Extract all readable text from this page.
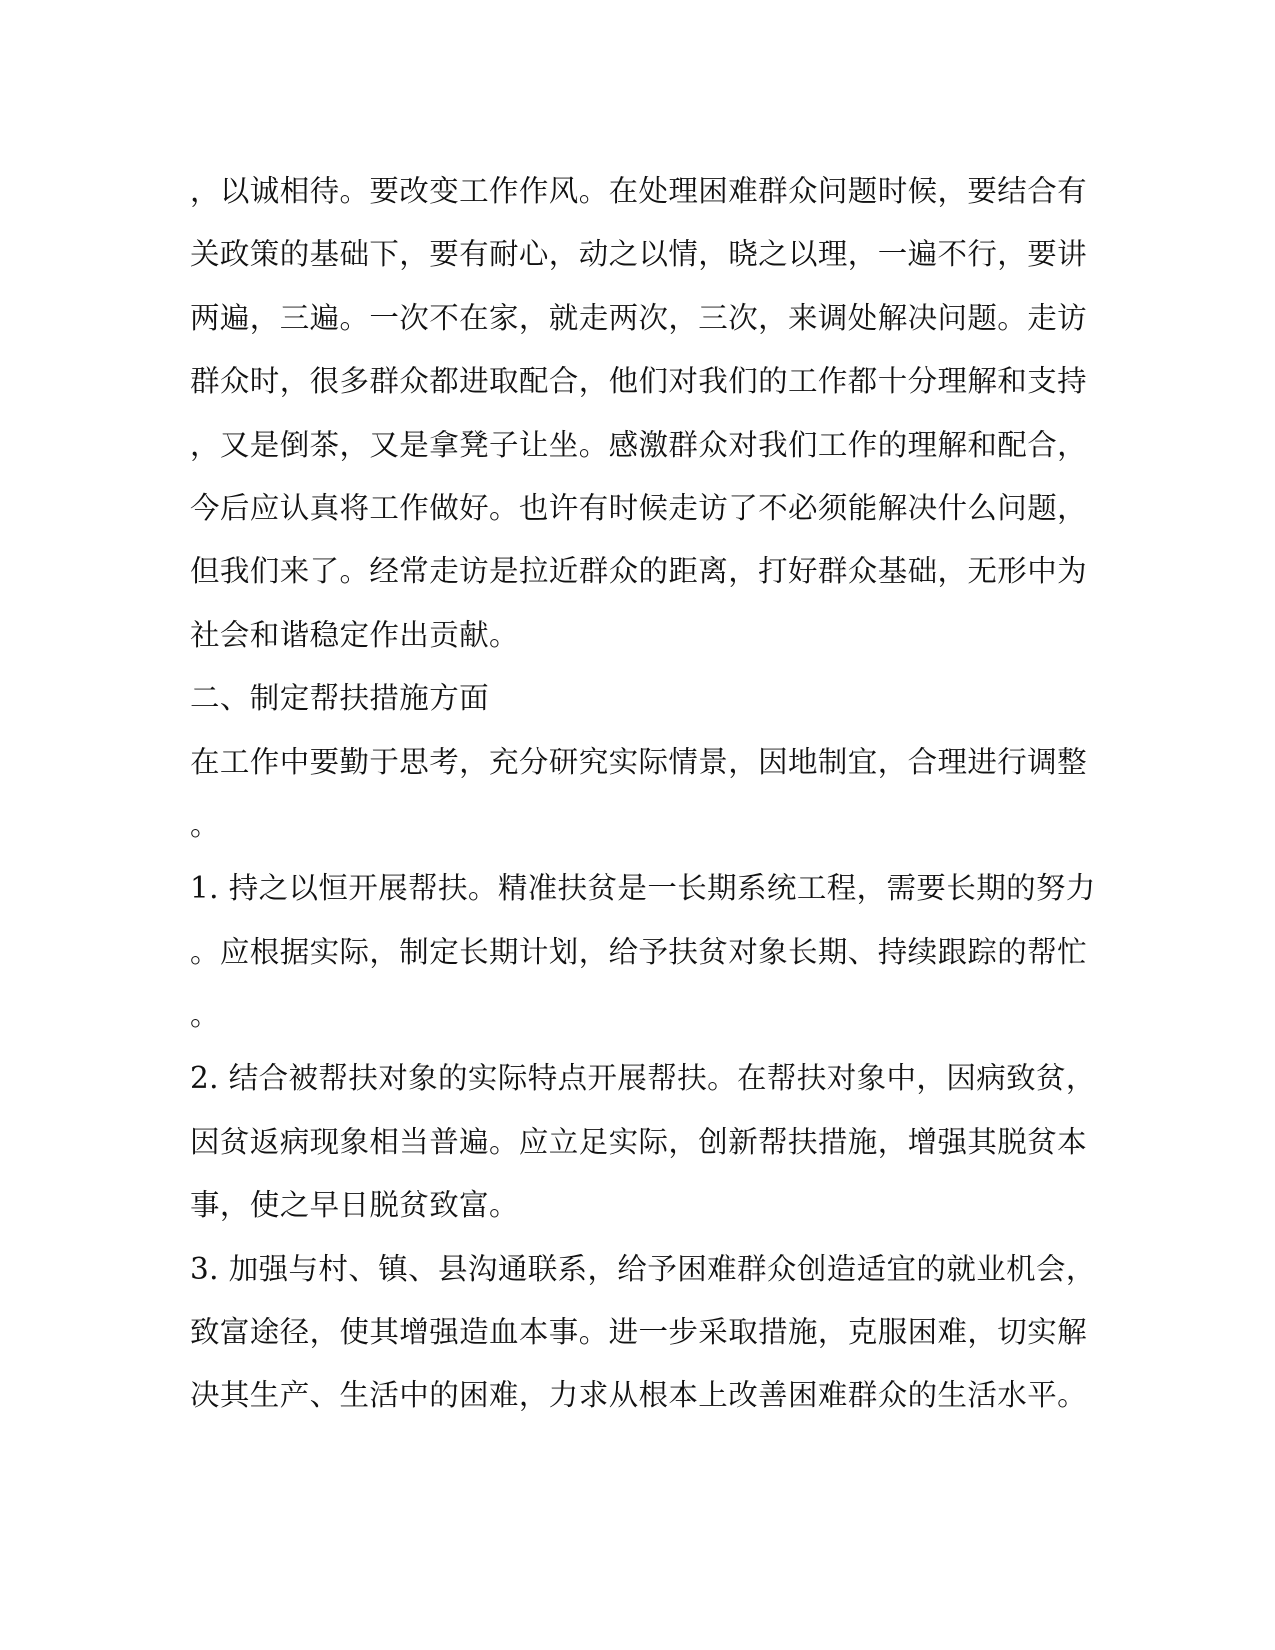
，以诚相待。要改变工作作风。在处理困难群众问题时候，要结合有
关政策的基础下，要有耐心，动之以情，晓之以理，一遍不行，要讲
两遍，三遍。一次不在家，就走两次，三次，来调处解决问题。走访
群众时，很多群众都进取配合，他们对我们的工作都十分理解和支持
，又是倒茶，又是拿凳子让坐。感激群众对我们工作的理解和配合，
今后应认真将工作做好。也许有时候走访了不必须能解决什么问题，
但我们来了。经常走访是拉近群众的距离，打好群众基础，无形中为
社会和谐稳定作出贡献。
二、制定帮扶措施方面
在工作中要勤于思考，充分研究实际情景，因地制宜，合理进行调整
。
1. 持之以恒开展帮扶。精准扶贫是一长期系统工程，需要长期的努力
。应根据实际，制定长期计划，给予扶贫对象长期、持续跟踪的帮忙
。
2. 结合被帮扶对象的实际特点开展帮扶。在帮扶对象中，因病致贫，
因贫返病现象相当普遍。应立足实际，创新帮扶措施，增强其脱贫本
事，使之早日脱贫致富。
3. 加强与村、镇、县沟通联系，给予困难群众创造适宜的就业机会，
致富途径，使其增强造血本事。进一步采取措施，克服困难，切实解
决其生产、生活中的困难，力求从根本上改善困难群众的生活水平。
